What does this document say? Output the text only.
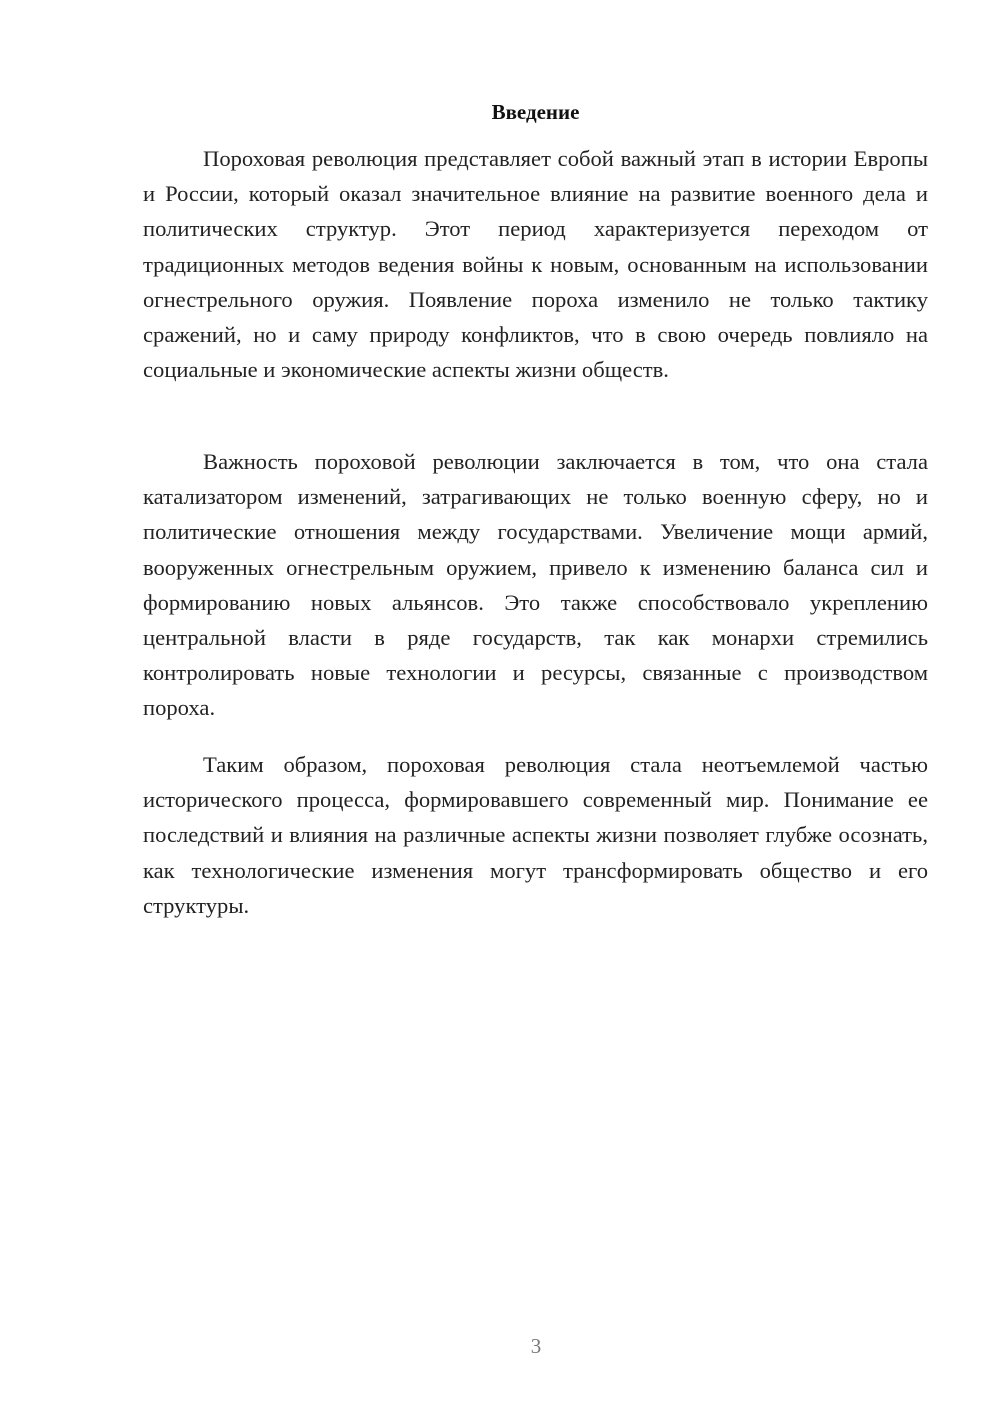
Введение

Пороховая революция представляет собой важный этап в истории Европы и России, который оказал значительное влияние на развитие военного дела и политических структур. Этот период характеризуется переходом от традиционных методов ведения войны к новым, основанным на использовании огнестрельного оружия. Появление пороха изменило не только тактику сражений, но и саму природу конфликтов, что в свою очередь повлияло на социальные и экономические аспекты жизни обществ.

Важность пороховой революции заключается в том, что она стала катализатором изменений, затрагивающих не только военную сферу, но и политические отношения между государствами. Увеличение мощи армий, вооруженных огнестрельным оружием, привело к изменению баланса сил и формированию новых альянсов. Это также способствовало укреплению центральной власти в ряде государств, так как монархи стремились контролировать новые технологии и ресурсы, связанные с производством пороха.

Таким образом, пороховая революция стала неотъемлемой частью исторического процесса, формировавшего современный мир. Понимание ее последствий и влияния на различные аспекты жизни позволяет глубже осознать, как технологические изменения могут трансформировать общество и его структуры.

3
